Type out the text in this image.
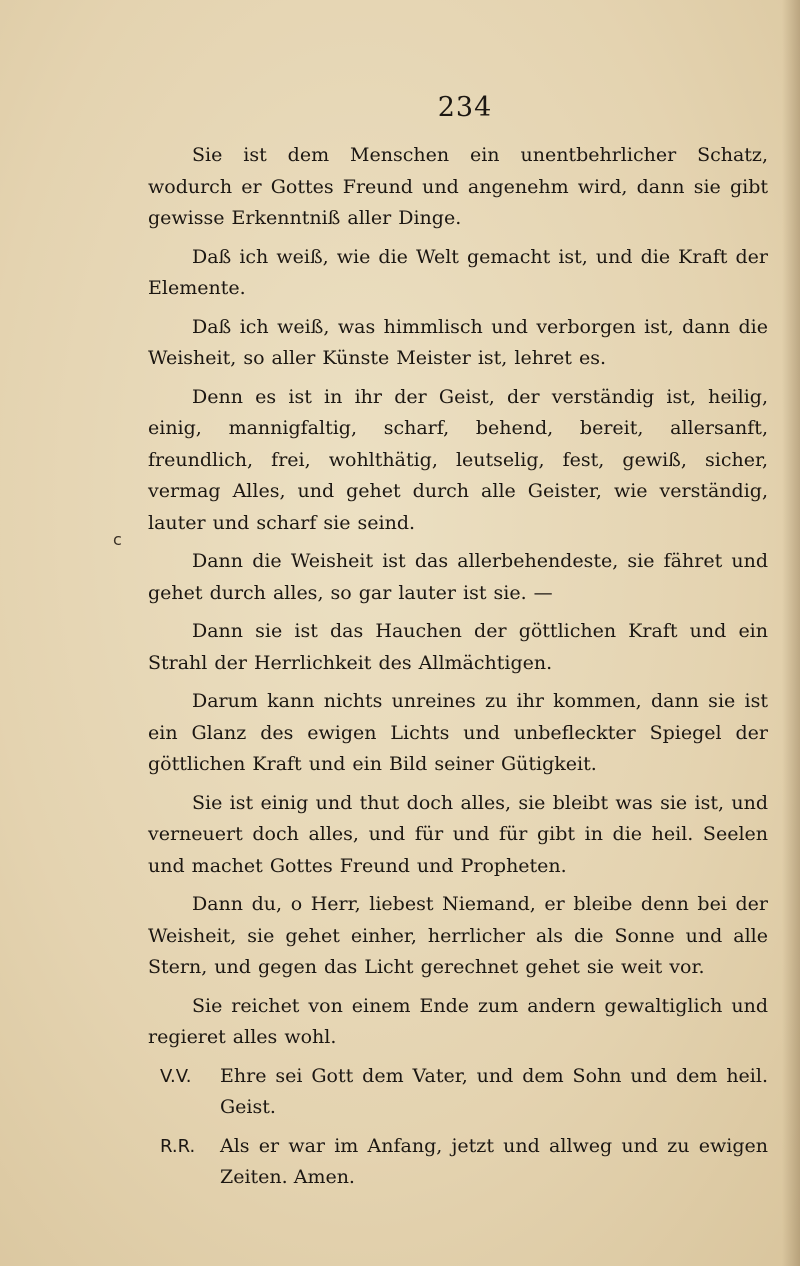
234
c

Sie ist dem Menschen ein unentbehrlicher Schatz, wodurch er Gottes Freund und angenehm wird, dann sie gibt gewisse Erkenntniß aller Dinge.

Daß ich weiß, wie die Welt gemacht ist, und die Kraft der Elemente.

Daß ich weiß, was himmlisch und verborgen ist, dann die Weisheit, so aller Künste Meister ist, lehret es.

Denn es ist in ihr der Geist, der verständig ist, heilig, einig, mannigfaltig, scharf, behend, bereit, allersanft, freundlich, frei, wohlthätig, leutselig, fest, gewiß, sicher, vermag Alles, und gehet durch alle Geister, wie verständig, lauter und scharf sie seind.

Dann die Weisheit ist das allerbehendeste, sie fähret und gehet durch alles, so gar lauter ist sie. —

Dann sie ist das Hauchen der göttlichen Kraft und ein Strahl der Herrlichkeit des Allmächtigen.

Darum kann nichts unreines zu ihr kommen, dann sie ist ein Glanz des ewigen Lichts und unbefleckter Spiegel der göttlichen Kraft und ein Bild seiner Gütigkeit.

Sie ist einig und thut doch alles, sie bleibt was sie ist, und verneuert doch alles, und für und für gibt in die heil. Seelen und machet Gottes Freund und Propheten.

Dann du, o Herr, liebest Niemand, er bleibe denn bei der Weisheit, sie gehet einher, herrlicher als die Sonne und alle Stern, und gegen das Licht gerechnet gehet sie weit vor.

Sie reichet von einem Ende zum andern gewaltiglich und regieret alles wohl.

V.V.	Ehre sei Gott dem Vater, und dem Sohn und dem heil. Geist.
R.R.	Als er war im Anfang, jetzt und allweg und zu ewigen Zeiten. Amen.
